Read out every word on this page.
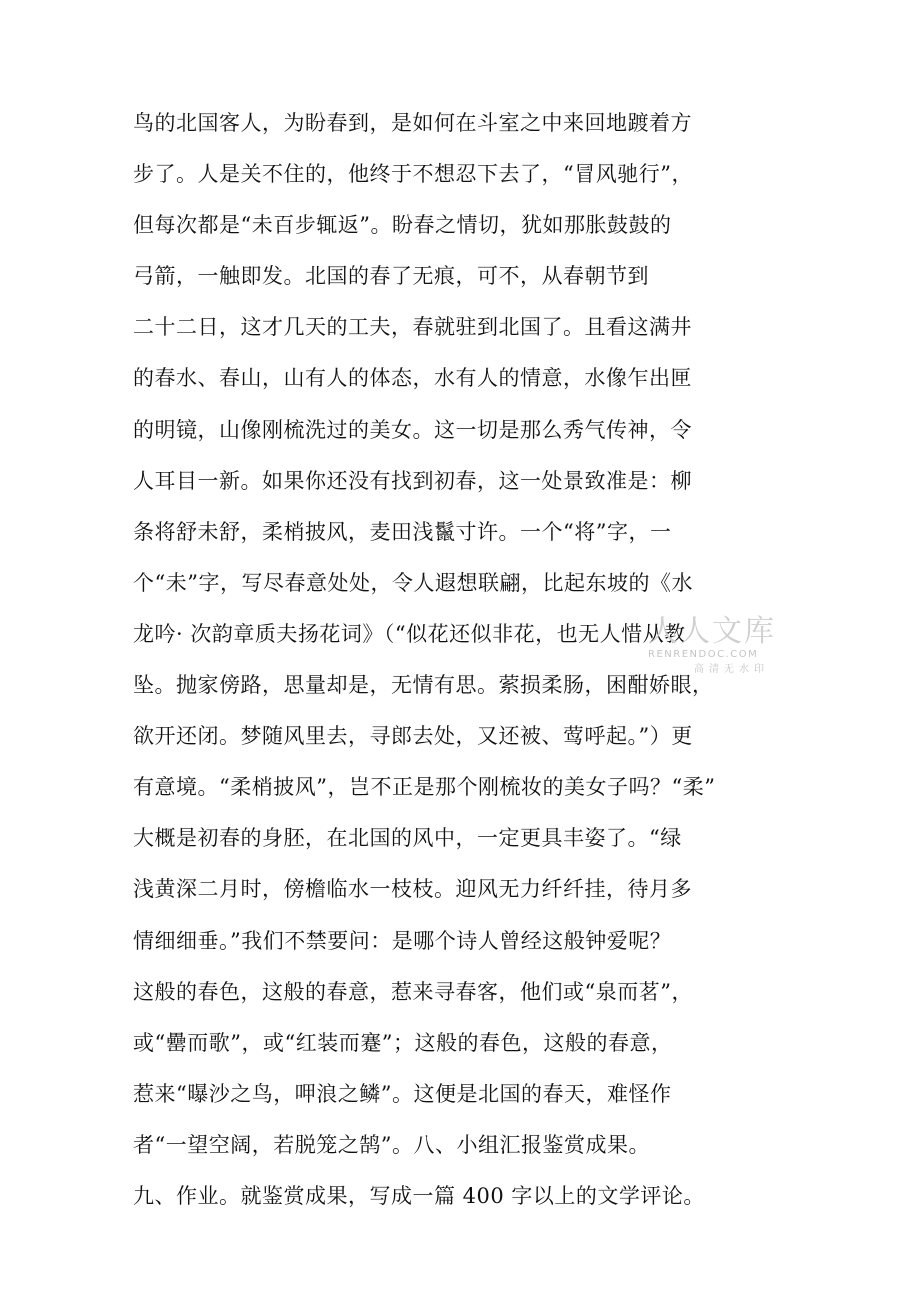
鸟的北国客人，为盼春到，是如何在斗室之中来回地踱着方
步了。人是关不住的，他终于不想忍下去了，“冒风驰行”，
但每次都是“未百步辄返”。盼春之情切，犹如那胀鼓鼓的
弓箭，一触即发。北国的春了无痕，可不，从春朝节到
二十二日，这才几天的工夫，春就驻到北国了。且看这满井
的春水、春山，山有人的体态，水有人的情意，水像乍出匣
的明镜，山像刚梳洗过的美女。这一切是那么秀气传神，令
人耳目一新。如果你还没有找到初春，这一处景致准是：柳
条将舒未舒，柔梢披风，麦田浅鬣寸许。一个“将”字，一
个“未”字，写尽春意处处，令人遐想联翩，比起东坡的《水
龙吟· 次韵章质夫扬花词》（“似花还似非花，也无人惜从教
坠。抛家傍路，思量却是，无情有思。萦损柔肠，困酣娇眼，
欲开还闭。梦随风里去，寻郎去处，又还被、莺呼起。”）更
有意境。“柔梢披风”，岂不正是那个刚梳妆的美女子吗？“柔”
大概是初春的身胚，在北国的风中，一定更具丰姿了。“绿
浅黄深二月时，傍檐临水一枝枝。迎风无力纤纤挂，待月多
情细细垂。”我们不禁要问：是哪个诗人曾经这般钟爱呢？
这般的春色，这般的春意，惹来寻春客，他们或“泉而茗”，
或“罍而歌”，或“红装而蹇”；这般的春色，这般的春意，
惹来“曝沙之鸟，呷浪之鳞”。这便是北国的春天，难怪作
者“一望空阔，若脱笼之鹄”。八、小组汇报鉴赏成果。
九、作业。就鉴赏成果，写成一篇 400 字以上的文学评论。
人人文库
RENRENDOC.COM
高清无水印
